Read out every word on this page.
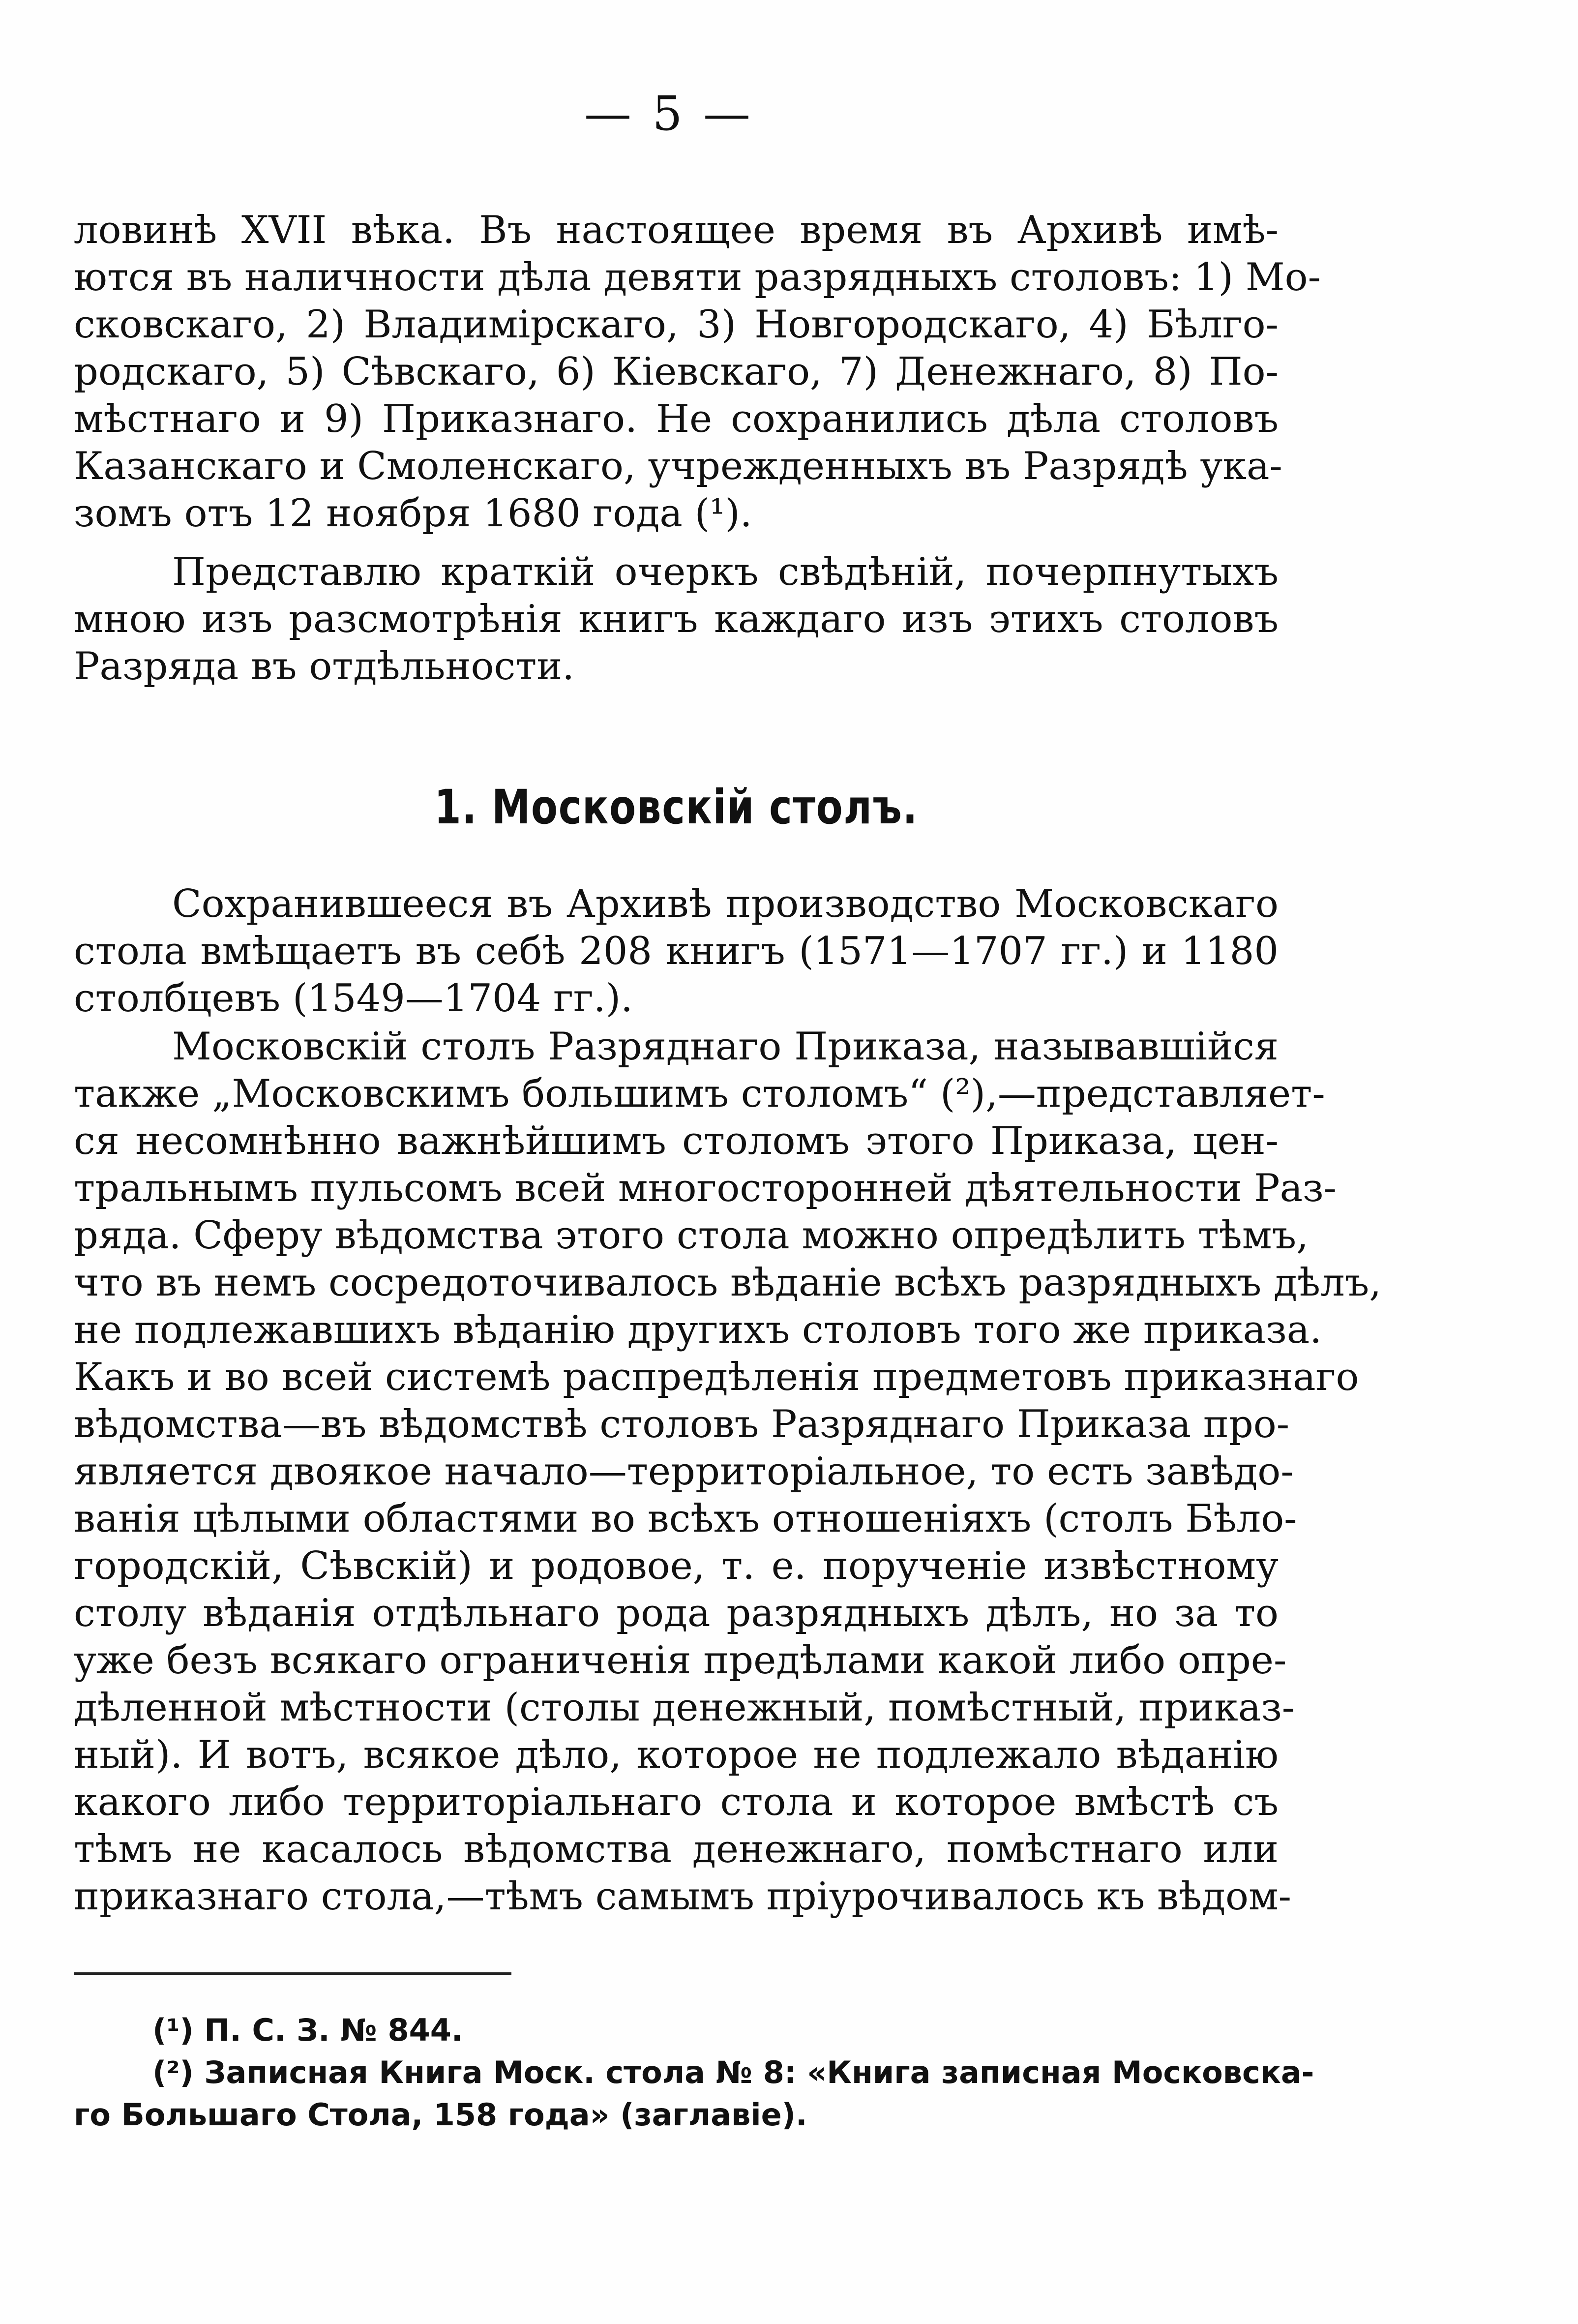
— 5 —
ловинѣ XVII вѣка. Въ настоящее время въ Архивѣ имѣ-
ются въ наличности дѣла девяти разрядныхъ столовъ: 1) Мо-
сковскаго, 2) Владимірскаго, 3) Новгородскаго, 4) Бѣлго-
родскаго, 5) Сѣвскаго, 6) Кіевскаго, 7) Денежнаго, 8) По-
мѣстнаго и 9) Приказнаго. Не сохранились дѣла столовъ
Казанскаго и Смоленскаго, учрежденныхъ въ Разрядѣ ука-
зомъ отъ 12 ноября 1680 года (¹).
Представлю краткій очеркъ свѣдѣній, почерпнутыхъ
мною изъ разсмотрѣнія книгъ каждаго изъ этихъ столовъ
Разряда въ отдѣльности.
1. Московскій столъ.
Сохранившееся въ Архивѣ производство Московскаго
стола вмѣщаетъ въ себѣ 208 книгъ (1571—1707 гг.) и 1180
столбцевъ (1549—1704 гг.).
Московскій столъ Разряднаго Приказа, называвшійся
также „Московскимъ большимъ столомъ“ (²),—представляет-
ся несомнѣнно важнѣйшимъ столомъ этого Приказа, цен-
тральнымъ пульсомъ всей многосторонней дѣятельности Раз-
ряда. Сферу вѣдомства этого стола можно опредѣлить тѣмъ,
что въ немъ сосредоточивалось вѣданіе всѣхъ разрядныхъ дѣлъ,
не подлежавшихъ вѣданію другихъ столовъ того же приказа.
Какъ и во всей системѣ распредѣленія предметовъ приказнаго
вѣдомства—въ вѣдомствѣ столовъ Разряднаго Приказа про-
является двоякое начало—территоріальное, то есть завѣдо-
ванія цѣлыми областями во всѣхъ отношеніяхъ (столъ Бѣло-
городскій, Сѣвскій) и родовое, т. е. порученіе извѣстному
столу вѣданія отдѣльнаго рода разрядныхъ дѣлъ, но за то
уже безъ всякаго ограниченія предѣлами какой либо опре-
дѣленной мѣстности (столы денежный, помѣстный, приказ-
ный). И вотъ, всякое дѣло, которое не подлежало вѣданію
какого либо территоріальнаго стола и которое вмѣстѣ съ
тѣмъ не касалось вѣдомства денежнаго, помѣстнаго или
приказнаго стола,—тѣмъ самымъ пріурочивалось къ вѣдом-
(¹) П. С. З. № 844.
(²) Записная Книга Моск. стола № 8: «Книга записная Московска-
го Большаго Стола, 158 года» (заглавіе).
